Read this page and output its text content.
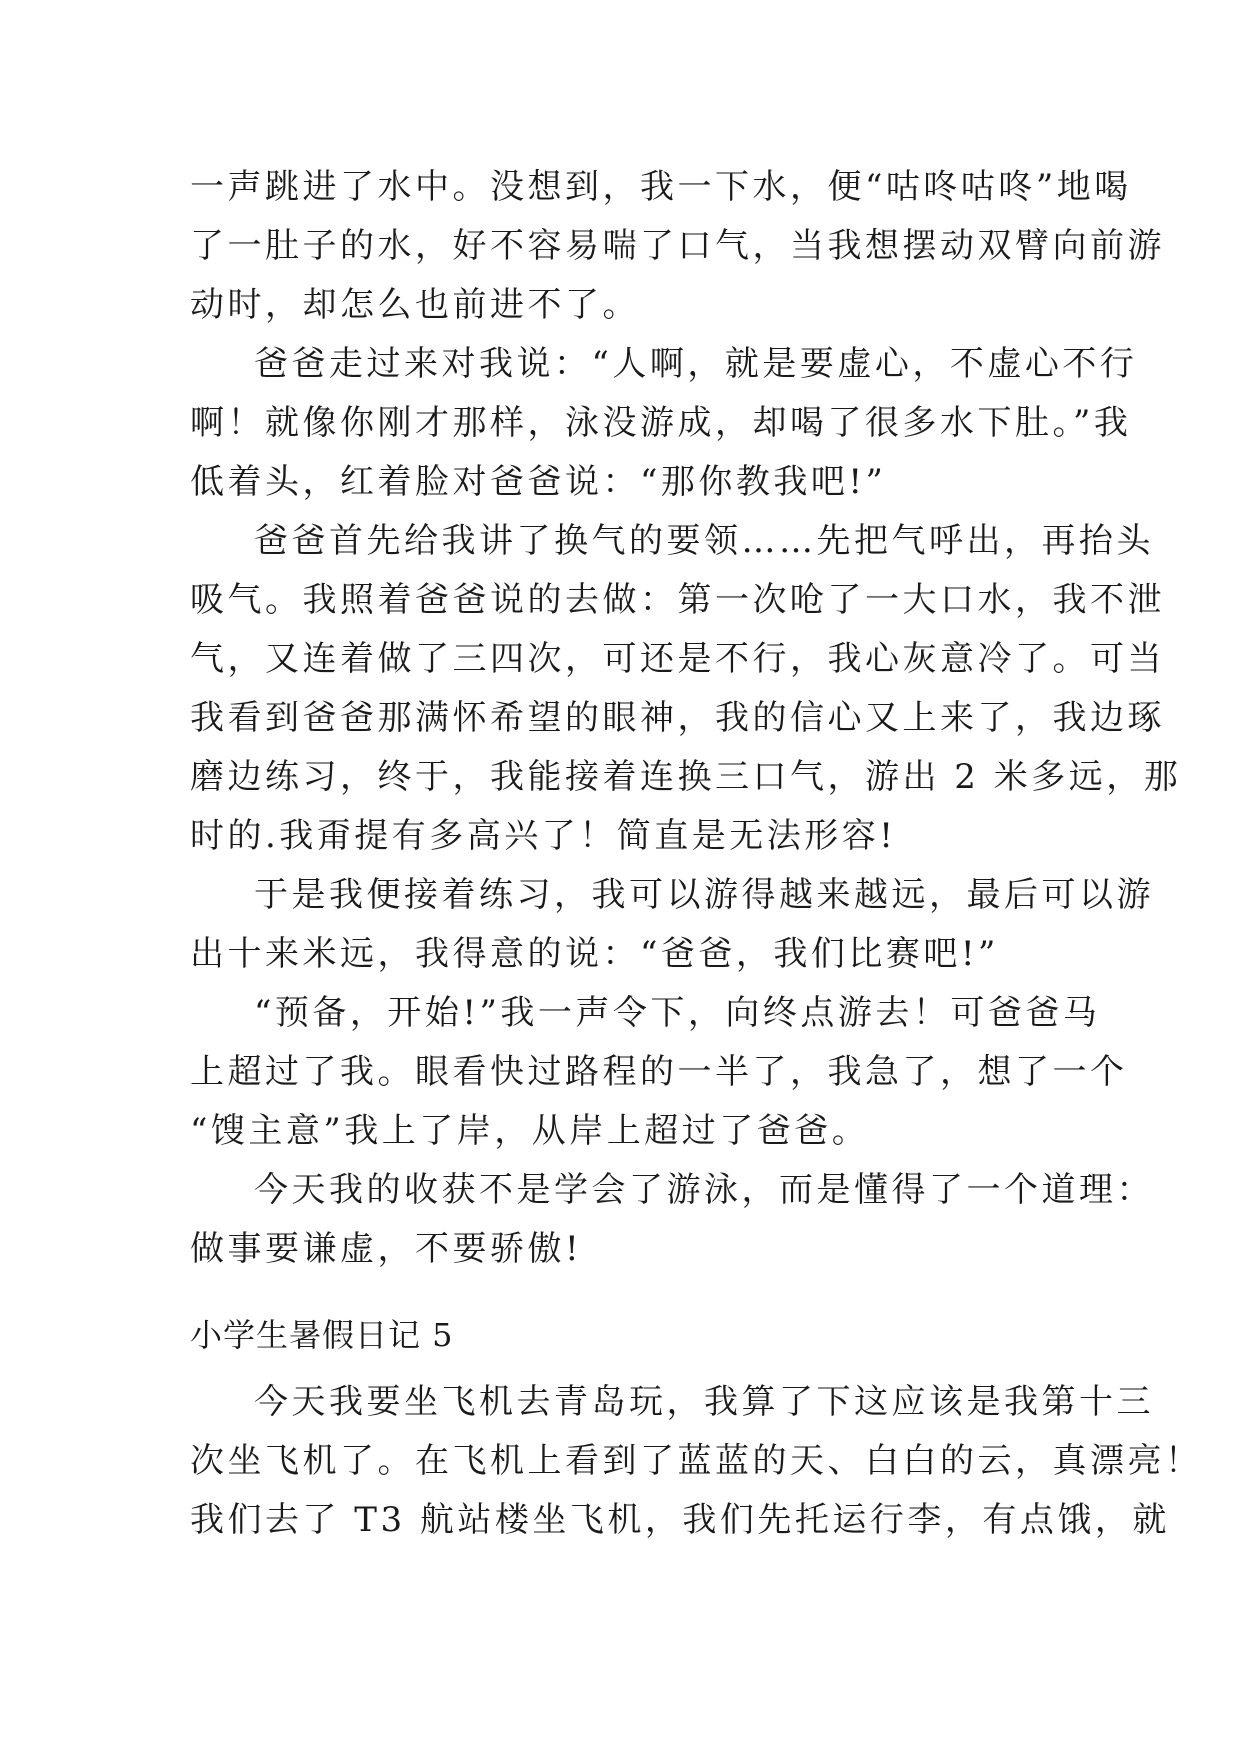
一声跳进了水中。没想到，我一下水，便“咕咚咕咚”地喝
了一肚子的水，好不容易喘了口气，当我想摆动双臂向前游
动时，却怎么也前进不了。
爸爸走过来对我说：“人啊，就是要虚心，不虚心不行
啊！就像你刚才那样，泳没游成，却喝了很多水下肚。”我
低着头，红着脸对爸爸说：“那你教我吧!”
爸爸首先给我讲了换气的要领……先把气呼出，再抬头
吸气。我照着爸爸说的去做：第一次呛了一大口水，我不泄
气，又连着做了三四次，可还是不行，我心灰意冷了。可当
我看到爸爸那满怀希望的眼神，我的信心又上来了，我边琢
磨边练习，终于，我能接着连换三口气，游出 2 米多远，那
时的.我甭提有多高兴了！简直是无法形容!
于是我便接着练习，我可以游得越来越远，最后可以游
出十来米远，我得意的说：“爸爸，我们比赛吧!”
“预备，开始!”我一声令下，向终点游去！可爸爸马
上超过了我。眼看快过路程的一半了，我急了，想了一个
“馊主意”我上了岸，从岸上超过了爸爸。
今天我的收获不是学会了游泳，而是懂得了一个道理：
做事要谦虚，不要骄傲!
小学生暑假日记 5
今天我要坐飞机去青岛玩，我算了下这应该是我第十三
次坐飞机了。在飞机上看到了蓝蓝的天、白白的云，真漂亮！
我们去了 T3 航站楼坐飞机，我们先托运行李，有点饿，就
